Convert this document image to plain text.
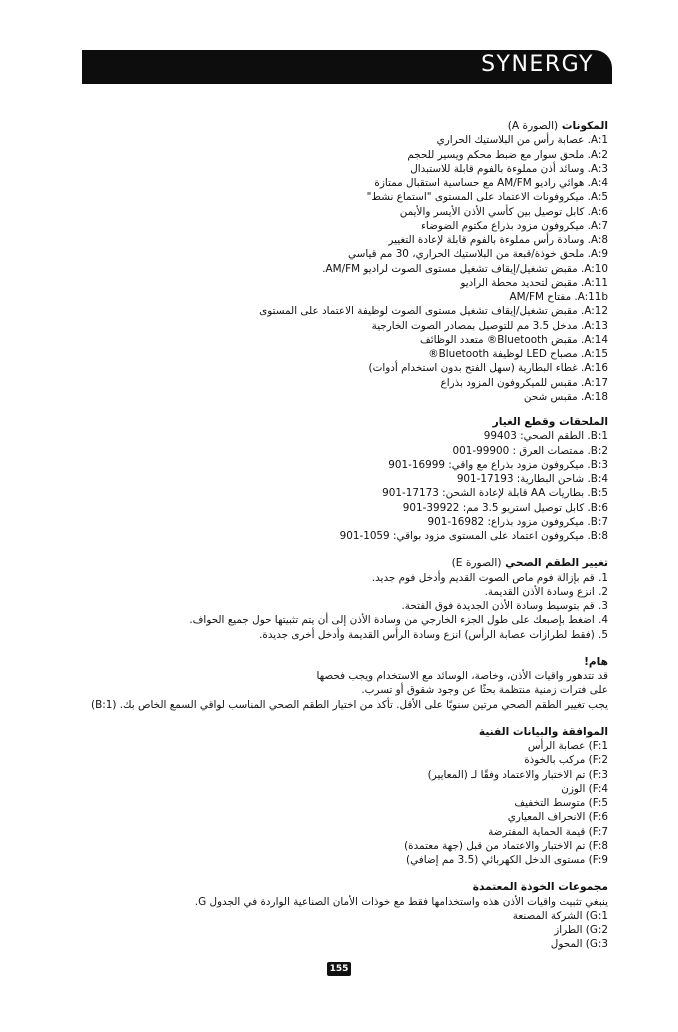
SYNERGY
المكونات (الصورة A)
A:1. عصابة رأس من البلاستيك الحراري
A:2. ملحق سوار مع ضبط محكم ويسير للحجم
A:3. وسائد أذن مملوءة بالفوم قابلة للاستبدال
A:4. هوائي راديو AM/FM مع حساسية استقبال ممتازة
A:5. ميكروفونات الاعتماد على المستوى "استماع نشط"
A:6. كابل توصيل بين كأسي الأذن الأيسر والأيمن
A:7. ميكروفون مزود بذراع مكتوم الضوضاء
A:8. وسادة رأس مملوءة بالفوم قابلة لإعادة التغيير
A:9. ملحق خوذة/قبعة من البلاستيك الحراري، 30 مم قياسي
A:10. مقبض تشغيل/إيقاف تشغيل مستوى الصوت لراديو AM/FM.
A:11. مقبض لتحديد محطة الراديو
A:11b. مفتاح AM/FM
A:12. مقبض تشغيل/إيقاف تشغيل مستوى الصوت لوظيفة الاعتماد على المستوى
A:13. مدخل 3.5 مم للتوصيل بمصادر الصوت الخارجية
A:14. مقبض Bluetooth® متعدد الوظائف
A:15. مصباح LED لوظيفة Bluetooth®
A:16. غطاء البطارية (سهل الفتح بدون استخدام أدوات)
A:17. مقبس للميكروفون المزود بذراع
A:18. مقبس شحن
الملحقات وقطع الغيار
B:1. الطقم الصحي: 99403
B:2. ممتصات العرق : 99900-001
B:3. ميكروفون مزود بذراع مع واقي: 16999-901
B:4. شاحن البطارية: 17193-901
B:5. بطاريات AA قابلة لإعادة الشحن: 17173-901
B:6. كابل توصيل استريو 3.5 مم: 39922-901
B:7. ميكروفون مزود بذراع: 16982-901
B:8. ميكروفون اعتماد على المستوى مزود بواقي: 1059-901
تغيير الطقم الصحي (الصورة E)
1. قم بإزالة فوم ماص الصوت القديم وأدخل فوم جديد.
2. انزع وسادة الأذن القديمة.
3. قم بتوسيط وسادة الأذن الجديدة فوق الفتحة.
4. اضغط بإصبعك على طول الجزء الخارجي من وسادة الأذن إلى أن يتم تثبيتها حول جميع الحواف.
5. (فقط لطرازات عصابة الرأس) انزع وسادة الرأس القديمة وأدخل أخرى جديدة.
هام!
قد تتدهور واقيات الأذن، وخاصة، الوسائد مع الاستخدام ويجب فحصها
على فترات زمنية منتظمة بحثًا عن وجود شقوق أو تسرب.
يجب تغيير الطقم الصحي مرتين سنويًا على الأقل. تأكد من اختيار الطقم الصحي المناسب لواقي السمع الخاص بك. (B:1)
الموافقة والبيانات الفنية
F:1) عصابة الرأس
F:2) مركب بالخوذة
F:3) تم الاختبار والاعتماد وفقًا لـ (المعايير)
F:4) الوزن
F:5) متوسط التخفيف
F:6) الانحراف المعياري
F:7) قيمة الحماية المفترضة
F:8) تم الاختبار والاعتماد من قبل (جهة معتمدة)
F:9) مستوى الدخل الكهربائي (3.5 مم إضافي)
مجموعات الخوذة المعتمدة
ينبغي تثبيت واقيات الأذن هذه واستخدامها فقط مع خوذات الأمان الصناعية الواردة في الجدول G.
G:1) الشركة المصنعة
G:2) الطراز
G:3) المحول
155
